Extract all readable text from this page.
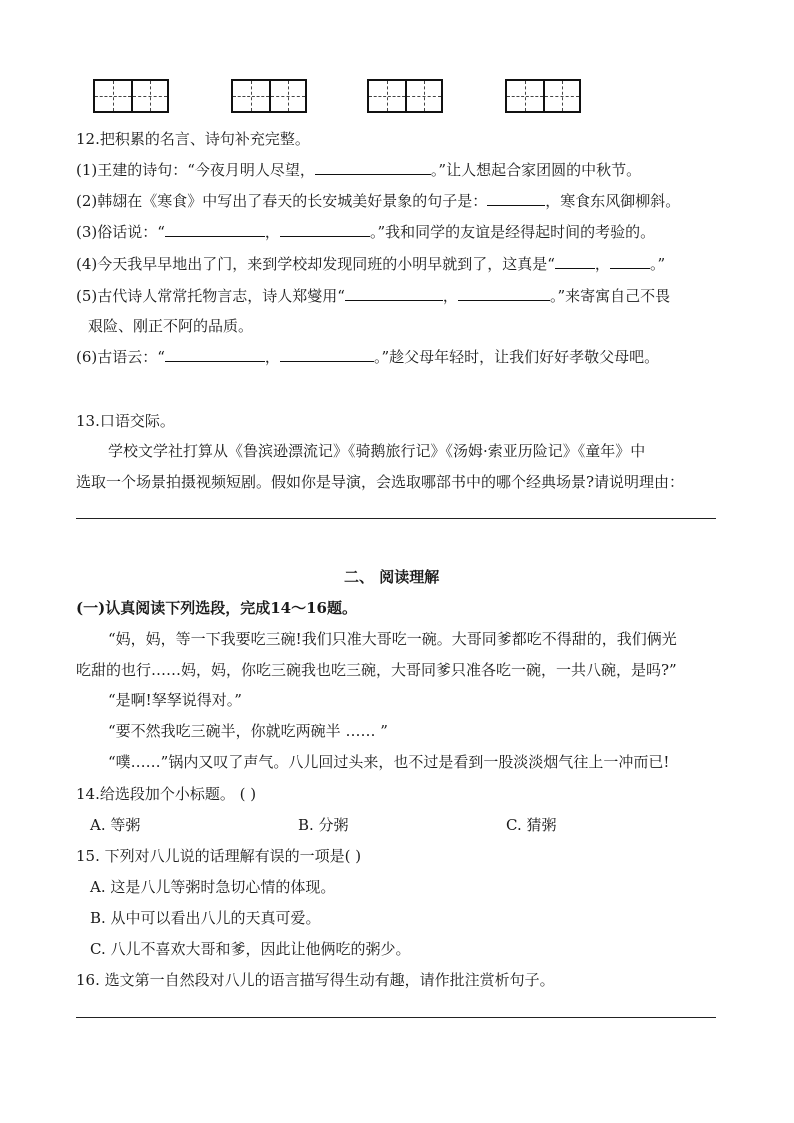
12.把积累的名言、诗句补充完整。
(1)王建的诗句：“今夜月明人尽望，	。”让人想起合家团圆的中秋节。
(2)韩翃在《寒食》中写出了春天的长安城美好景象的句子是：	，寒食东风御柳斜。
(3)俗话说：“	，	。”我和同学的友谊是经得起时间的考验的。
(4)今天我早早地出了门，来到学校却发现同班的小明早就到了，这真是“	，	。”
(5)古代诗人常常托物言志，诗人郑燮用“	，	。”来寄寓自己不畏
艰险、刚正不阿的品质。
(6)古语云：“	，	。”趁父母年轻时，让我们好好孝敬父母吧。
13.口语交际。
学校文学社打算从《鲁滨逊漂流记》《骑鹅旅行记》《汤姆·索亚历险记》《童年》中
选取一个场景拍摄视频短剧。假如你是导演，会选取哪部书中的哪个经典场景?请说明理由：
二、 阅读理解
(一)认真阅读下列选段，完成14～16题。
“妈，妈，等一下我要吃三碗!我们只准大哥吃一碗。大哥同爹都吃不得甜的，我们俩光
吃甜的也行……妈，妈，你吃三碗我也吃三碗，大哥同爹只准各吃一碗，一共八碗，是吗?”
“是啊!孥孥说得对。”
“要不然我吃三碗半，你就吃两碗半 …… ”
“噗……”锅内又叹了声气。八儿回过头来，也不过是看到一股淡淡烟气往上一冲而已!
14.给选段加个小标题。 ( )
A. 等粥	B. 分粥	C. 猜粥
15. 下列对八儿说的话理解有误的一项是( )
A. 这是八儿等粥时急切心情的体现。
B. 从中可以看出八儿的天真可爱。
C. 八儿不喜欢大哥和爹，因此让他俩吃的粥少。
16. 选文第一自然段对八儿的语言描写得生动有趣，请作批注赏析句子。
